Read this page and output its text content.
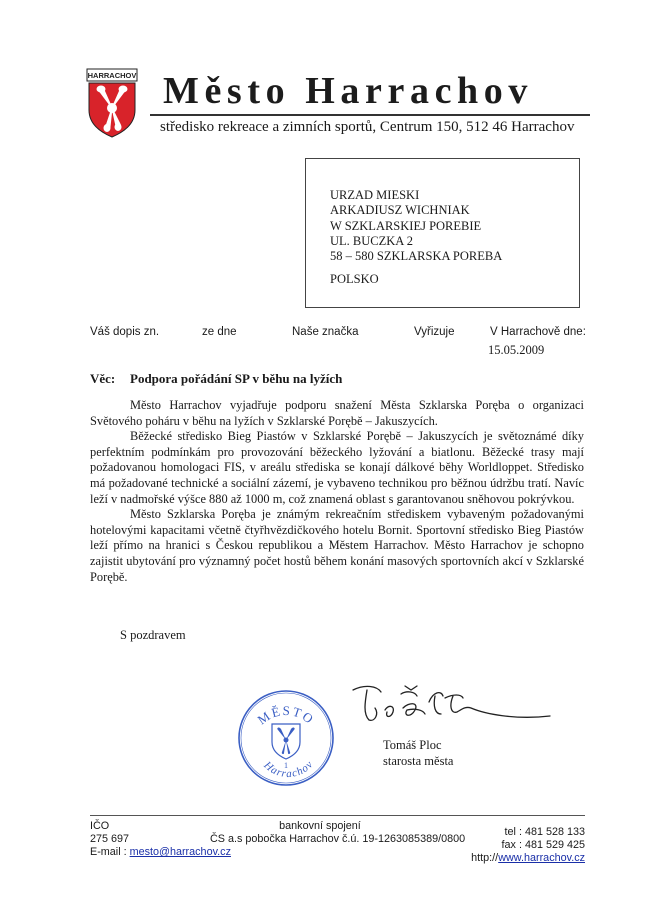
HARRACHOV Město Harrachov
středisko rekreace a zimních sportů, Centrum 150, 512 46 Harrachov
URZAD MIESKI
ARKADIUSZ WICHNIAK
W SZKLARSKIEJ POREBIE
UL. BUCZKA 2
58 – 580 SZKLARSKA POREBA
POLSKO
Váš dopis zn.	ze dne	Naše značka	Vyřizuje	V Harrachově dne:
15.05.2009
Věc: Podpora pořádání SP v běhu na lyžích

Město Harrachov vyjadřuje podporu snažení Města Szklarska Poręba o organizaci Světového poháru v běhu na lyžích v Szklarské Porębě – Jakuszycích.

Běžecké středisko Bieg Piastów v Szklarské Porębě – Jakuszycích je světoznámé díky perfektním podmínkám pro provozování běžeckého lyžování a biatlonu. Běžecké trasy mají požadovanou homologaci FIS, v areálu střediska se konají dálkové běhy Worldloppet. Středisko má požadované technické a sociální zázemí, je vybaveno technikou pro běžnou údržbu tratí. Navíc leží v nadmořské výšce 880 až 1000 m, což znamená oblast s garantovanou sněhovou pokrývkou.

Město Szklarska Poręba je známým rekreačním střediskem vybaveným požadovanými hotelovými kapacitami včetně čtyřhvězdičkového hotelu Bornit. Sportovní středisko Bieg Piastów leží přímo na hranici s Českou republikou a Městem Harrachov. Město Harrachov je schopno zajistit ubytování pro významný počet hostů během konání masových sportovních akcí v Szklarské Porębě.

S pozdravem
MĚSTO
Harrachov
1
Tomáš Ploc
starosta města
IČO
275 697
E-mail : mesto@harrachov.cz
bankovní spojení
ČS a.s pobočka Harrachov č.ú. 19-1263085389/0800
tel : 481 528 133
fax : 481 529 425
http://www.harrachov.cz
